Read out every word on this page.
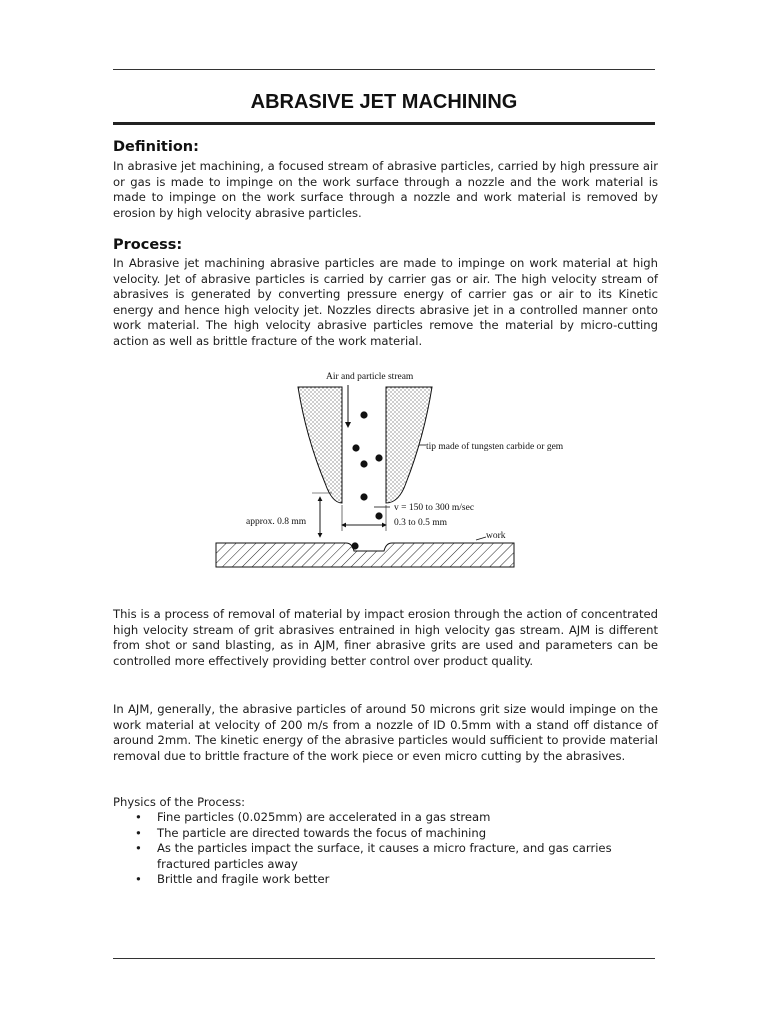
ABRASIVE JET MACHINING
Definition:
In abrasive jet machining, a focused stream of abrasive particles, carried by high pressure air or gas is made to impinge on the work surface through a nozzle and the work material is made to impinge on the work surface through a nozzle and work material is removed by erosion by high velocity abrasive particles.
Process:
In Abrasive jet machining abrasive particles are made to impinge on work material at high velocity. Jet of abrasive particles is carried by carrier gas or air. The high velocity stream of abrasives is generated by converting pressure energy of carrier gas or air to its Kinetic energy and hence high velocity jet. Nozzles directs abrasive jet in a controlled manner onto work material. The high velocity abrasive particles remove the material by micro-cutting action as well as brittle fracture of the work material.
Air and particle stream
tip made of tungsten carbide or gem
v = 150 to 300 m/sec
0.3 to 0.5 mm
approx. 0.8 mm
work
This is a process of removal of material by impact erosion through the action of concentrated high velocity stream of grit abrasives entrained in high velocity gas stream. AJM is different from shot or sand blasting, as in AJM, finer abrasive grits are used and parameters can be controlled more effectively providing better control over product quality.
In AJM, generally, the abrasive particles of around 50 microns grit size would impinge on the work material at velocity of 200 m/s from a nozzle of ID 0.5mm with a stand off distance of around 2mm. The kinetic energy of the abrasive particles would sufficient to provide material removal due to brittle fracture of the work piece or even micro cutting by the abrasives.
Physics of the Process:
• Fine particles (0.025mm) are accelerated in a gas stream
• The particle are directed towards the focus of machining
• As the particles impact the surface, it causes a micro fracture, and gas carries fractured particles away
• Brittle and fragile work better
